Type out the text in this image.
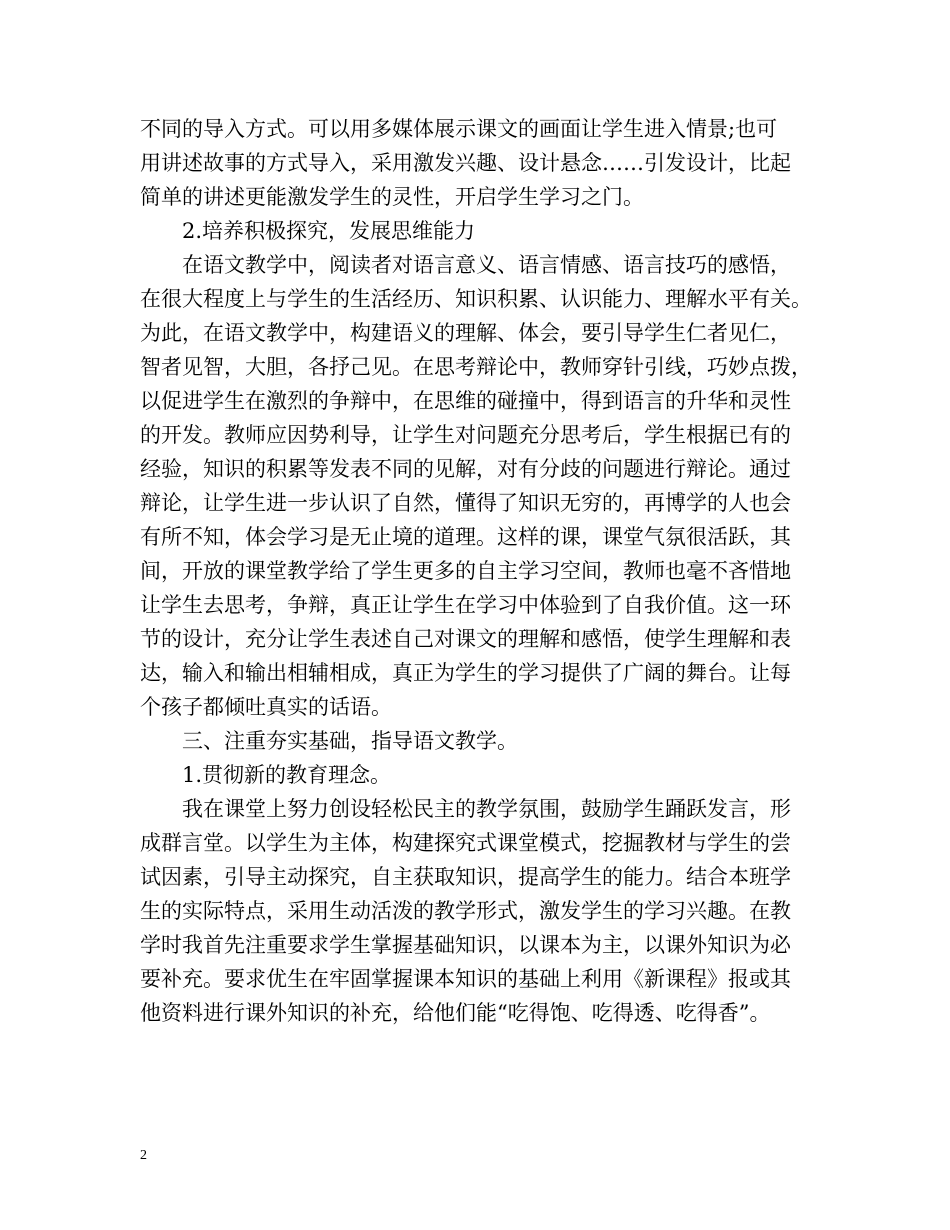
不同的导入方式。可以用多媒体展示课文的画面让学生进入情景;也可
用讲述故事的方式导入，采用激发兴趣、设计悬念……引发设计，比起
简单的讲述更能激发学生的灵性，开启学生学习之门。
2.培养积极探究，发展思维能力
在语文教学中，阅读者对语言意义、语言情感、语言技巧的感悟，
在很大程度上与学生的生活经历、知识积累、认识能力、理解水平有关。
为此，在语文教学中，构建语义的理解、体会，要引导学生仁者见仁，
智者见智，大胆，各抒己见。在思考辩论中，教师穿针引线，巧妙点拨，
以促进学生在激烈的争辩中，在思维的碰撞中，得到语言的升华和灵性
的开发。教师应因势利导，让学生对问题充分思考后，学生根据已有的
经验，知识的积累等发表不同的见解，对有分歧的问题进行辩论。通过
辩论，让学生进一步认识了自然，懂得了知识无穷的，再博学的人也会
有所不知，体会学习是无止境的道理。这样的课，课堂气氛很活跃，其
间，开放的课堂教学给了学生更多的自主学习空间，教师也毫不吝惜地
让学生去思考，争辩，真正让学生在学习中体验到了自我价值。这一环
节的设计，充分让学生表述自己对课文的理解和感悟，使学生理解和表
达，输入和输出相辅相成，真正为学生的学习提供了广阔的舞台。让每
个孩子都倾吐真实的话语。
三、注重夯实基础，指导语文教学。
1.贯彻新的教育理念。
我在课堂上努力创设轻松民主的教学氛围，鼓励学生踊跃发言，形
成群言堂。以学生为主体，构建探究式课堂模式，挖掘教材与学生的尝
试因素，引导主动探究，自主获取知识，提高学生的能力。结合本班学
生的实际特点，采用生动活泼的教学形式，激发学生的学习兴趣。在教
学时我首先注重要求学生掌握基础知识，以课本为主，以课外知识为必
要补充。要求优生在牢固掌握课本知识的基础上利用《新课程》报或其
他资料进行课外知识的补充，给他们能“吃得饱、吃得透、吃得香”。
2
